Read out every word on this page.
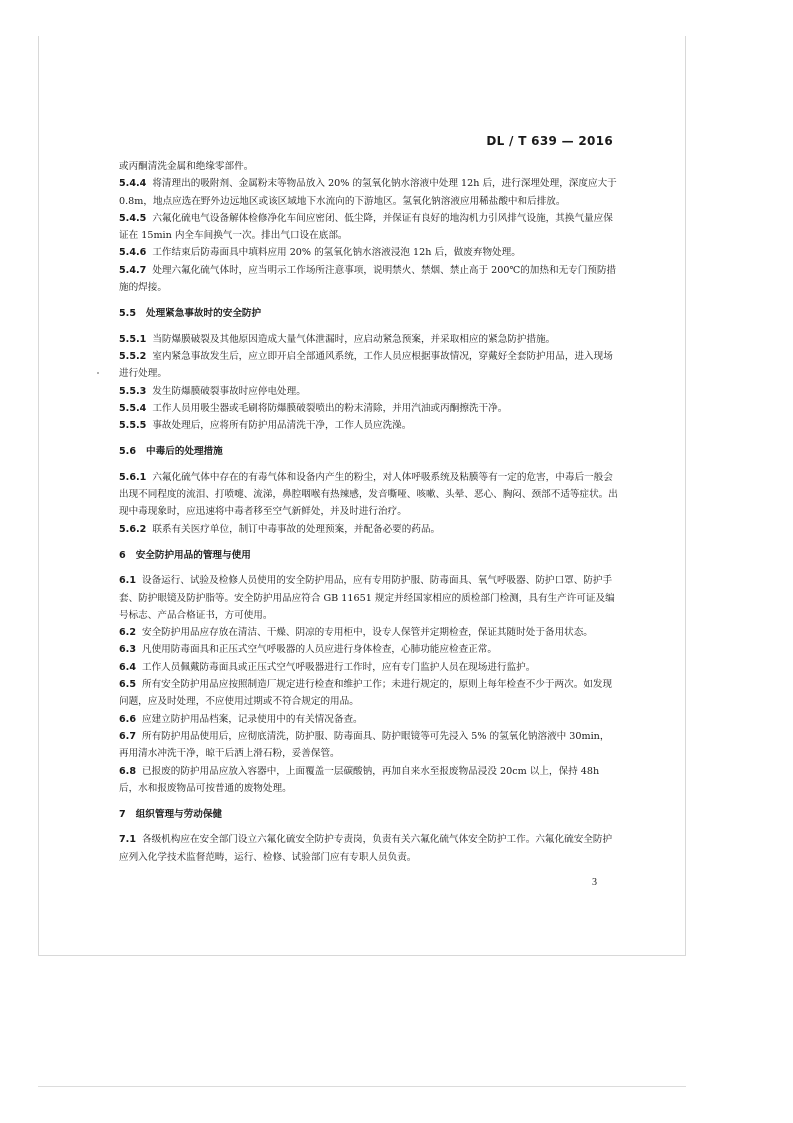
DL / T 639 — 2016

或丙酮清洗金属和绝缘零部件。

5.4.4 将清理出的吸附剂、金属粉末等物品放入 20% 的氢氧化钠水溶液中处理 12h 后，进行深埋处理，深度应大于 0.8m，地点应选在野外边远地区或该区域地下水流向的下游地区。氢氧化钠溶液应用稀盐酸中和后排放。

5.4.5 六氟化硫电气设备解体检修净化车间应密闭、低尘降，并保证有良好的地沟机力引风排气设施，其换气量应保证在 15min 内全车间换气一次。排出气口设在底部。

5.4.6 工作结束后防毒面具中填料应用 20% 的氢氧化钠水溶液浸泡 12h 后，做废弃物处理。

5.4.7 处理六氟化硫气体时，应当明示工作场所注意事项，说明禁火、禁烟、禁止高于 200℃的加热和无专门预防措施的焊接。

5.5 处理紧急事故时的安全防护

5.5.1 当防爆膜破裂及其他原因造成大量气体泄漏时，应启动紧急预案，并采取相应的紧急防护措施。

5.5.2 室内紧急事故发生后，应立即开启全部通风系统，工作人员应根据事故情况，穿戴好全套防护用品，进入现场进行处理。

5.5.3 发生防爆膜破裂事故时应停电处理。

5.5.4 工作人员用吸尘器或毛刷将防爆膜破裂喷出的粉末清除，并用汽油或丙酮擦洗干净。

5.5.5 事故处理后，应将所有防护用品清洗干净，工作人员应洗澡。

5.6 中毒后的处理措施

5.6.1 六氟化硫气体中存在的有毒气体和设备内产生的粉尘，对人体呼吸系统及粘膜等有一定的危害，中毒后一般会出现不同程度的流泪、打喷嚏、流涕，鼻腔咽喉有热辣感，发音嘶哑、咳嗽、头晕、恶心、胸闷、颈部不适等症状。出现中毒现象时，应迅速将中毒者移至空气新鲜处，并及时进行治疗。

5.6.2 联系有关医疗单位，制订中毒事故的处理预案，并配备必要的药品。

6 安全防护用品的管理与使用

6.1 设备运行、试验及检修人员使用的安全防护用品，应有专用防护服、防毒面具、氧气呼吸器、防护口罩、防护手套、防护眼镜及防护脂等。安全防护用品应符合 GB 11651 规定并经国家相应的质检部门检测，具有生产许可证及编号标志、产品合格证书，方可使用。

6.2 安全防护用品应存放在清洁、干燥、阴凉的专用柜中，设专人保管并定期检查，保证其随时处于备用状态。

6.3 凡使用防毒面具和正压式空气呼吸器的人员应进行身体检查，心肺功能应检查正常。

6.4 工作人员佩戴防毒面具或正压式空气呼吸器进行工作时，应有专门监护人员在现场进行监护。

6.5 所有安全防护用品应按照制造厂规定进行检查和维护工作；未进行规定的，原则上每年检查不少于两次。如发现问题，应及时处理，不应使用过期或不符合规定的用品。

6.6 应建立防护用品档案，记录使用中的有关情况备查。

6.7 所有防护用品使用后，应彻底清洗，防护服、防毒面具、防护眼镜等可先浸入 5% 的氢氧化钠溶液中 30min，再用清水冲洗干净，晾干后洒上滑石粉，妥善保管。

6.8 已报废的防护用品应放入容器中，上面覆盖一层碳酸钠，再加自来水至报废物品浸没 20cm 以上，保持 48h 后，水和报废物品可按普通的废物处理。

7 组织管理与劳动保健

7.1 各级机构应在安全部门设立六氟化硫安全防护专责岗，负责有关六氟化硫气体安全防护工作。六氟化硫安全防护应列入化学技术监督范畴，运行、检修、试验部门应有专职人员负责。

3
